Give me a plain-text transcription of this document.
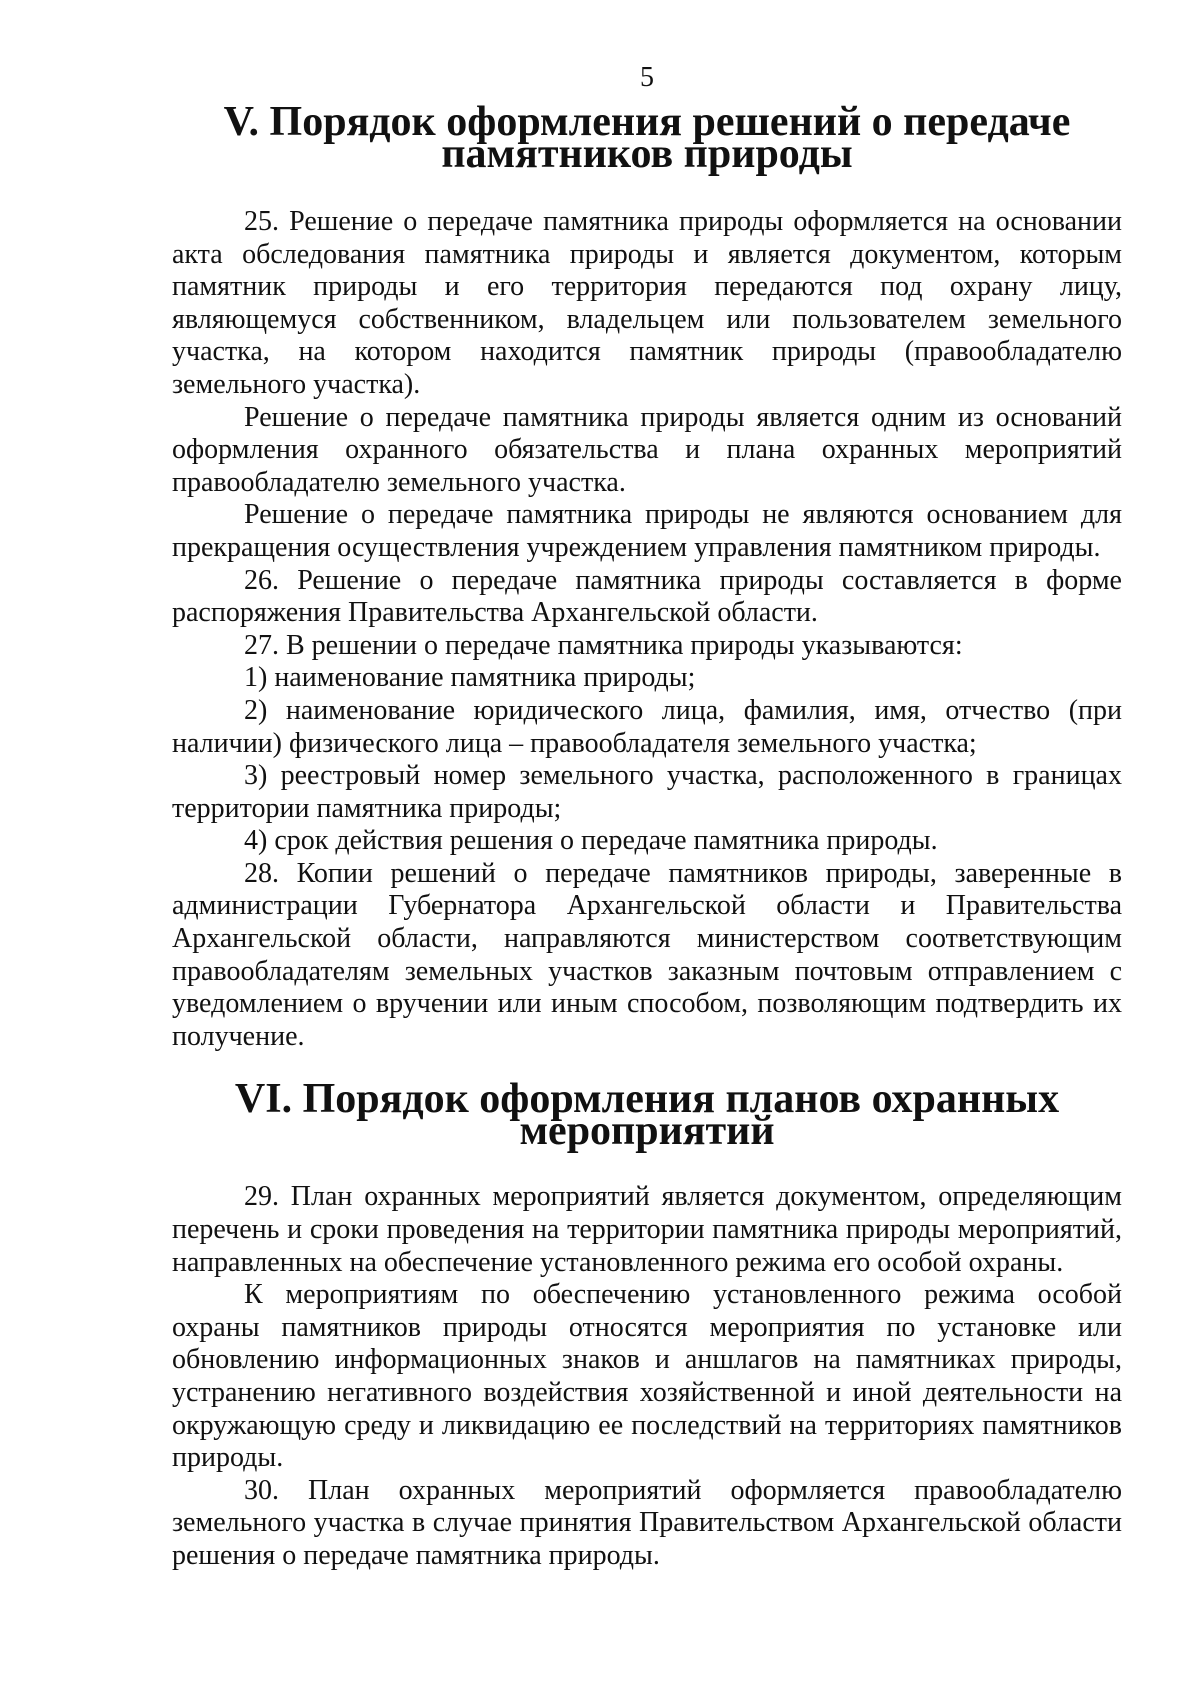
5
V. Порядок оформления решений о передаче памятников природы

25. Решение о передаче памятника природы оформляется на основании акта обследования памятника природы и является документом, которым памятник природы и его территория передаются под охрану лицу, являющемуся собственником, владельцем или пользователем земельного участка, на котором находится памятник природы (правообладателю земельного участка).

Решение о передаче памятника природы является одним из оснований оформления охранного обязательства и плана охранных мероприятий правообладателю земельного участка.

Решение о передаче памятника природы не являются основанием для прекращения осуществления учреждением управления памятником природы.

26. Решение о передаче памятника природы составляется в форме распоряжения Правительства Архангельской области.

27. В решении о передаче памятника природы указываются:

1) наименование памятника природы;

2) наименование юридического лица, фамилия, имя, отчество (при наличии) физического лица – правообладателя земельного участка;

3) реестровый номер земельного участка, расположенного в границах территории памятника природы;

4) срок действия решения о передаче памятника природы.

28. Копии решений о передаче памятников природы, заверенные в администрации Губернатора Архангельской области и Правительства Архангельской области, направляются министерством соответствующим правообладателям земельных участков заказным почтовым отправлением с уведомлением о вручении или иным способом, позволяющим подтвердить их получение.

VI. Порядок оформления планов охранных мероприятий

29. План охранных мероприятий является документом, определяющим перечень и сроки проведения на территории памятника природы мероприятий, направленных на обеспечение установленного режима его особой охраны.

К мероприятиям по обеспечению установленного режима особой охраны памятников природы относятся мероприятия по установке или обновлению информационных знаков и аншлагов на памятниках природы, устранению негативного воздействия хозяйственной и иной деятельности на окружающую среду и ликвидацию ее последствий на территориях памятников природы.

30. План охранных мероприятий оформляется правообладателю земельного участка в случае принятия Правительством Архангельской области решения о передаче памятника природы.
